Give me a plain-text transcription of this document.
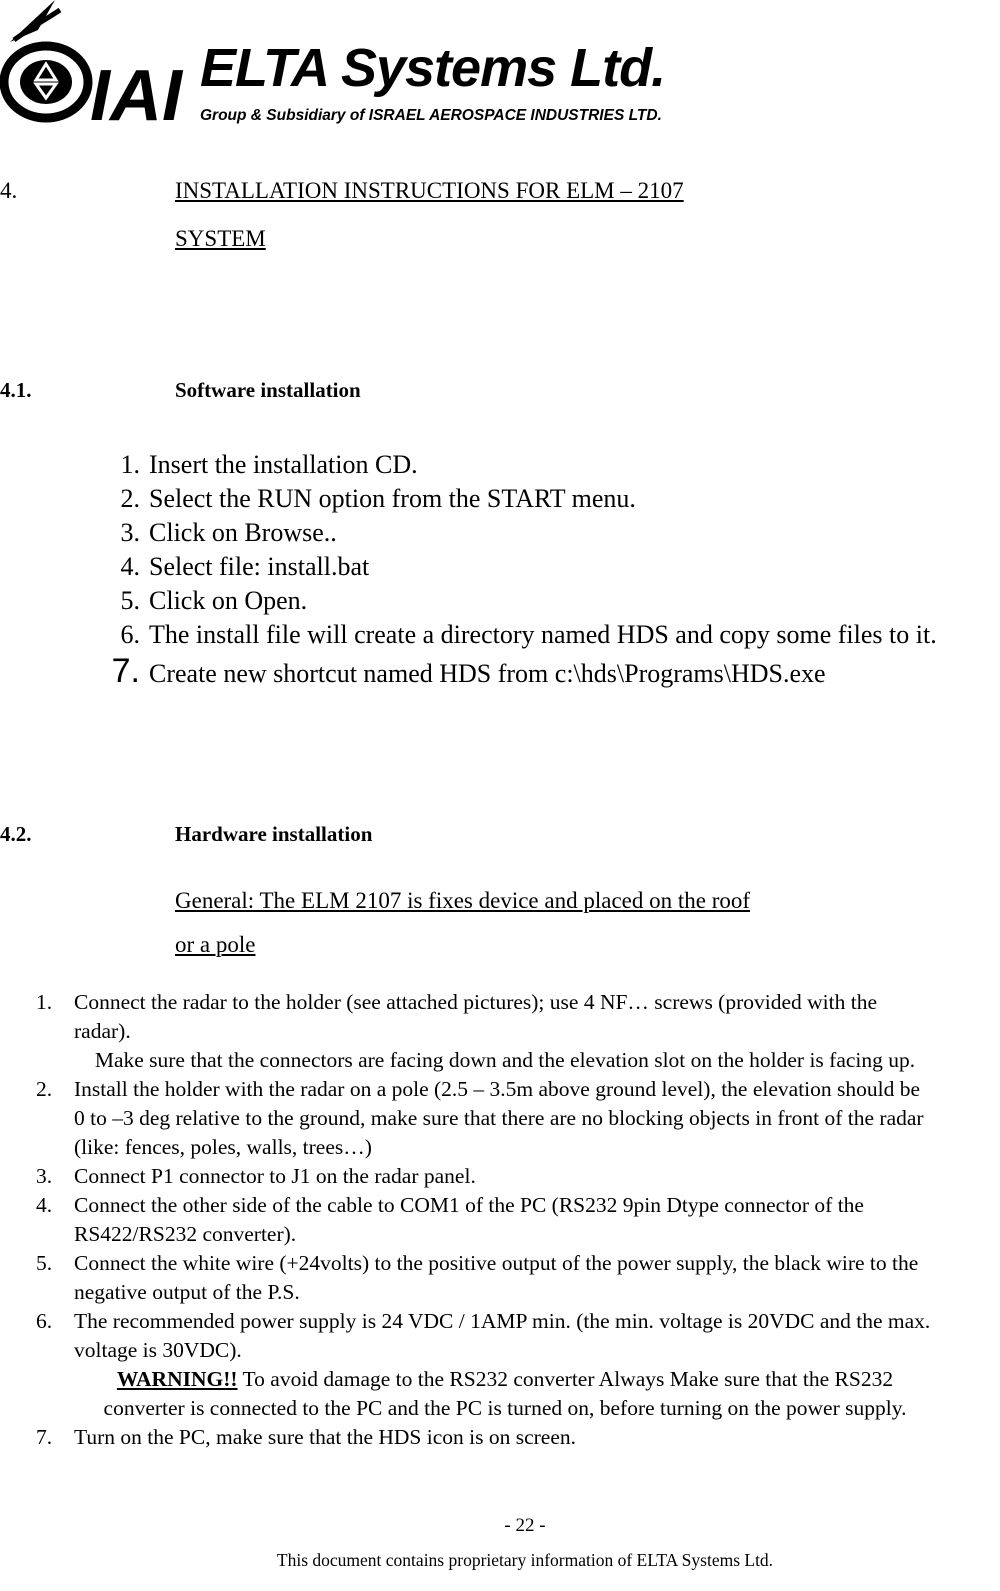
IAI ELTA Systems Ltd.
Group & Subsidiary of ISRAEL AEROSPACE INDUSTRIES LTD.
4.	INSTALLATION INSTRUCTIONS FOR ELM – 2107
SYSTEM
4.1.	Software installation
1. Insert the installation CD.
2. Select the RUN option from the START menu.
3. Click on Browse..
4. Select file: install.bat
5. Click on Open.
6. The install file will create a directory named HDS and copy some files to it.
7. Create new shortcut named HDS from c:\hds\Programs\HDS.exe
4.2.	Hardware installation
General: The ELM 2107 is fixes device and placed on the roof
or a pole
1. Connect the radar to the holder (see attached pictures); use 4 NF… screws (provided with the radar).
Make sure that the connectors are facing down and the elevation slot on the holder is facing up.
2. Install the holder with the radar on a pole (2.5 – 3.5m above ground level), the elevation should be 0 to –3 deg relative to the ground, make sure that there are no blocking objects in front of the radar (like: fences, poles, walls, trees…)
3. Connect P1 connector to J1 on the radar panel.
4. Connect the other side of the cable to COM1 of the PC (RS232 9pin Dtype connector of the RS422/RS232 converter).
5. Connect the white wire (+24volts) to the positive output of the power supply, the black wire to the negative output of the P.S.
6. The recommended power supply is 24 VDC / 1AMP min. (the min. voltage is 20VDC and the max. voltage is 30VDC).
WARNING!! To avoid damage to the RS232 converter Always Make sure that the RS232 converter is connected to the PC and the PC is turned on, before turning on the power supply.
7. Turn on the PC, make sure that the HDS icon is on screen.
- 22 -
This document contains proprietary information of ELTA Systems Ltd.
